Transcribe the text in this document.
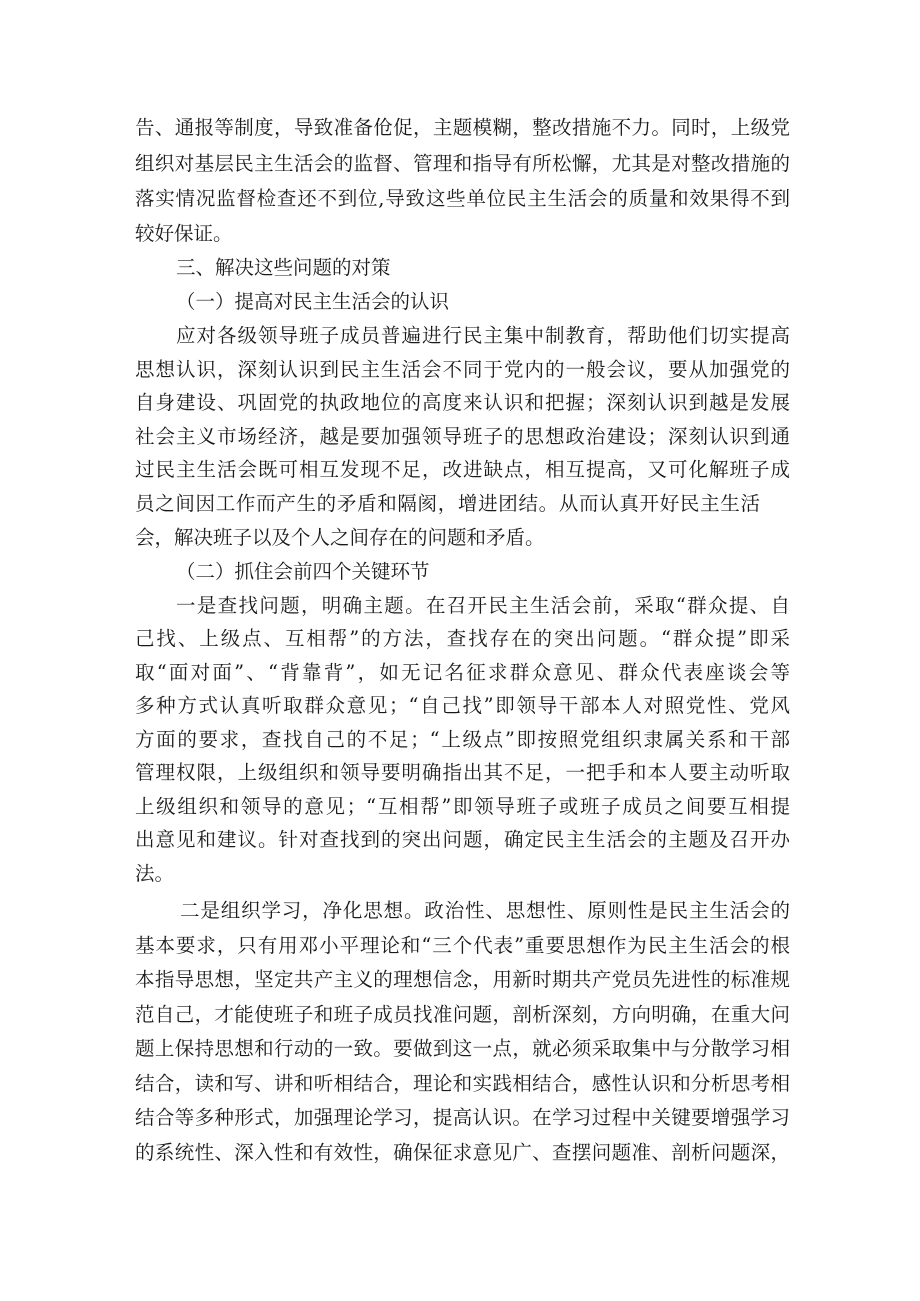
告、通报等制度，导致准备伧促，主题模糊，整改措施不力。同时，上级党
组织对基层民主生活会的监督、管理和指导有所松懈，尤其是对整改措施的
落实情况监督检查还不到位,导致这些单位民主生活会的质量和效果得不到
较好保证。
三、解决这些问题的对策
（一）提高对民主生活会的认识
应对各级领导班子成员普遍进行民主集中制教育，帮助他们切实提高
思想认识，深刻认识到民主生活会不同于党内的一般会议，要从加强党的
自身建设、巩固党的执政地位的高度来认识和把握；深刻认识到越是发展
社会主义市场经济，越是要加强领导班子的思想政治建设；深刻认识到通
过民主生活会既可相互发现不足，改进缺点，相互提高，又可化解班子成
员之间因工作而产生的矛盾和隔阂，增进团结。从而认真开好民主生活
会，解决班子以及个人之间存在的问题和矛盾。
（二）抓住会前四个关键环节
一是查找问题，明确主题。在召开民主生活会前，采取“群众提、自
己找、上级点、互相帮”的方法，查找存在的突出问题。“群众提”即采
取“面对面”、“背靠背”，如无记名征求群众意见、群众代表座谈会等
多种方式认真听取群众意见；“自己找”即领导干部本人对照党性、党风
方面的要求，查找自己的不足；“上级点”即按照党组织隶属关系和干部
管理权限，上级组织和领导要明确指出其不足，一把手和本人要主动听取
上级组织和领导的意见；“互相帮”即领导班子或班子成员之间要互相提
出意见和建议。针对查找到的突出问题，确定民主生活会的主题及召开办
法。
二是组织学习，净化思想。政治性、思想性、原则性是民主生活会的
基本要求，只有用邓小平理论和“三个代表”重要思想作为民主生活会的根
本指导思想，坚定共产主义的理想信念，用新时期共产党员先进性的标准规
范自己，才能使班子和班子成员找准问题，剖析深刻，方向明确，在重大问
题上保持思想和行动的一致。要做到这一点，就必须采取集中与分散学习相
结合，读和写、讲和听相结合，理论和实践相结合，感性认识和分析思考相
结合等多种形式，加强理论学习，提高认识。在学习过程中关键要增强学习
的系统性、深入性和有效性，确保征求意见广、查摆问题准、剖析问题深，
